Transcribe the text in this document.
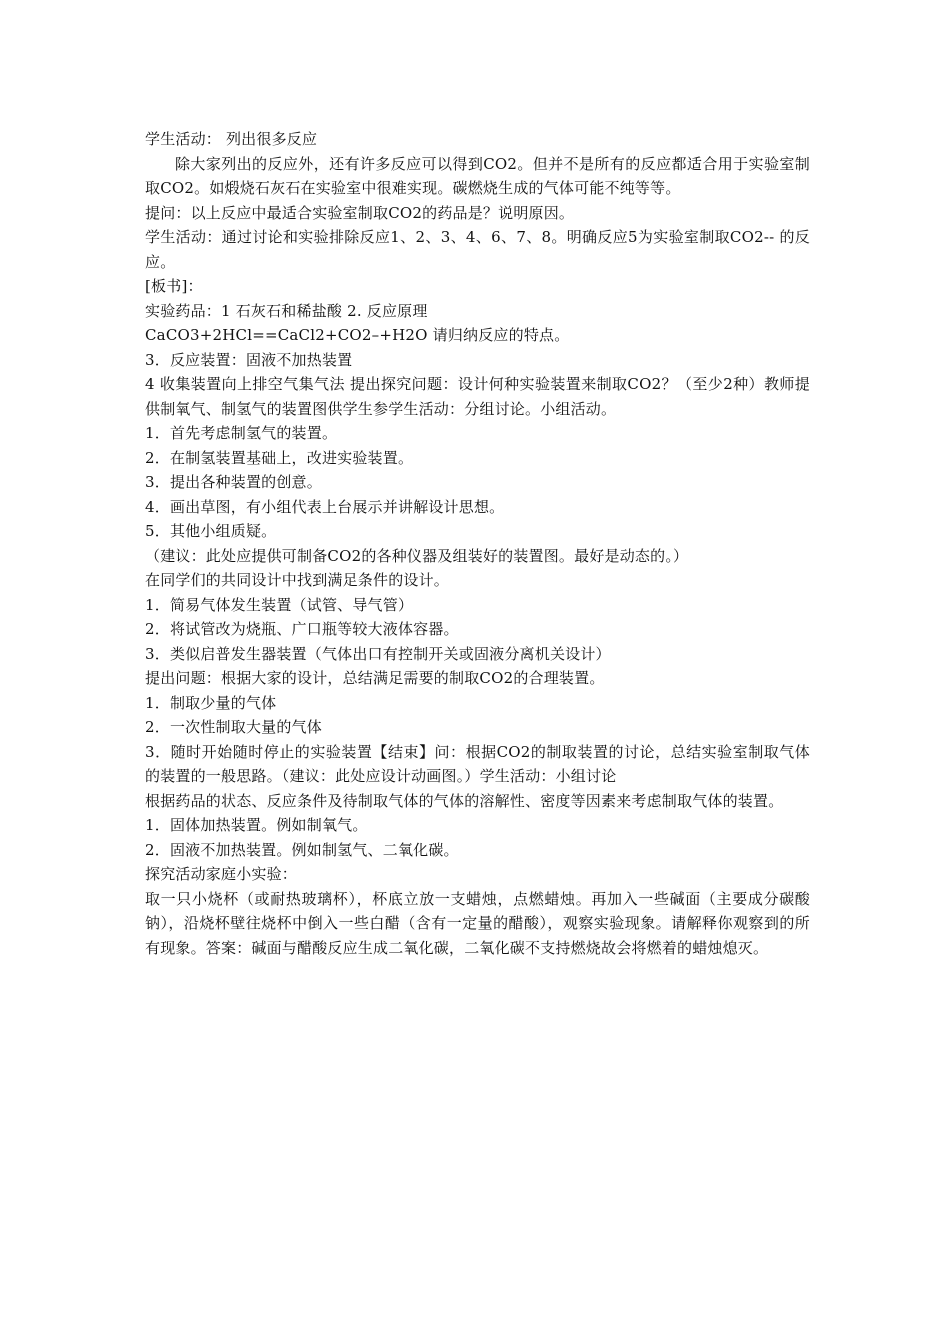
学生活动： 列出很多反应
除大家列出的反应外，还有许多反应可以得到CO2。但并不是所有的反应都适合用于实验室制取CO2。如煅烧石灰石在实验室中很难实现。碳燃烧生成的气体可能不纯等等。
提问：以上反应中最适合实验室制取CO2的药品是？说明原因。
学生活动：通过讨论和实验排除反应1、2、3、4、6、7、8。明确反应5为实验室制取CO2-- 的反应。
[板书]：
实验药品：1 石灰石和稀盐酸 2. 反应原理
CaCO3+2HCl==CaCl2+CO2–+H2O 请归纳反应的特点。
3．反应装置：固液不加热装置
4 收集装置向上排空气集气法 提出探究问题：设计何种实验装置来制取CO2？（至少2种）教师提供制氧气、制氢气的装置图供学生参学生活动：分组讨论。小组活动。
1．首先考虑制氢气的装置。
2．在制氢装置基础上，改进实验装置。
3．提出各种装置的创意。
4．画出草图，有小组代表上台展示并讲解设计思想。
5．其他小组质疑。
（建议：此处应提供可制备CO2的各种仪器及组装好的装置图。最好是动态的。）
在同学们的共同设计中找到满足条件的设计。
1．简易气体发生装置（试管、导气管）
2．将试管改为烧瓶、广口瓶等较大液体容器。
3．类似启普发生器装置（气体出口有控制开关或固液分离机关设计）
提出问题：根据大家的设计，总结满足需要的制取CO2的合理装置。
1．制取少量的气体
2．一次性制取大量的气体
3．随时开始随时停止的实验装置【结束】问：根据CO2的制取装置的讨论，总结实验室制取气体的装置的一般思路。（建议：此处应设计动画图。）学生活动：小组讨论
根据药品的状态、反应条件及待制取气体的气体的溶解性、密度等因素来考虑制取气体的装置。
1．固体加热装置。例如制氧气。
2．固液不加热装置。例如制氢气、二氧化碳。
探究活动家庭小实验：
取一只小烧杯（或耐热玻璃杯），杯底立放一支蜡烛，点燃蜡烛。再加入一些碱面（主要成分碳酸钠），沿烧杯壁往烧杯中倒入一些白醋（含有一定量的醋酸），观察实验现象。请解释你观察到的所有现象。答案：碱面与醋酸反应生成二氧化碳，二氧化碳不支持燃烧故会将燃着的蜡烛熄灭。
